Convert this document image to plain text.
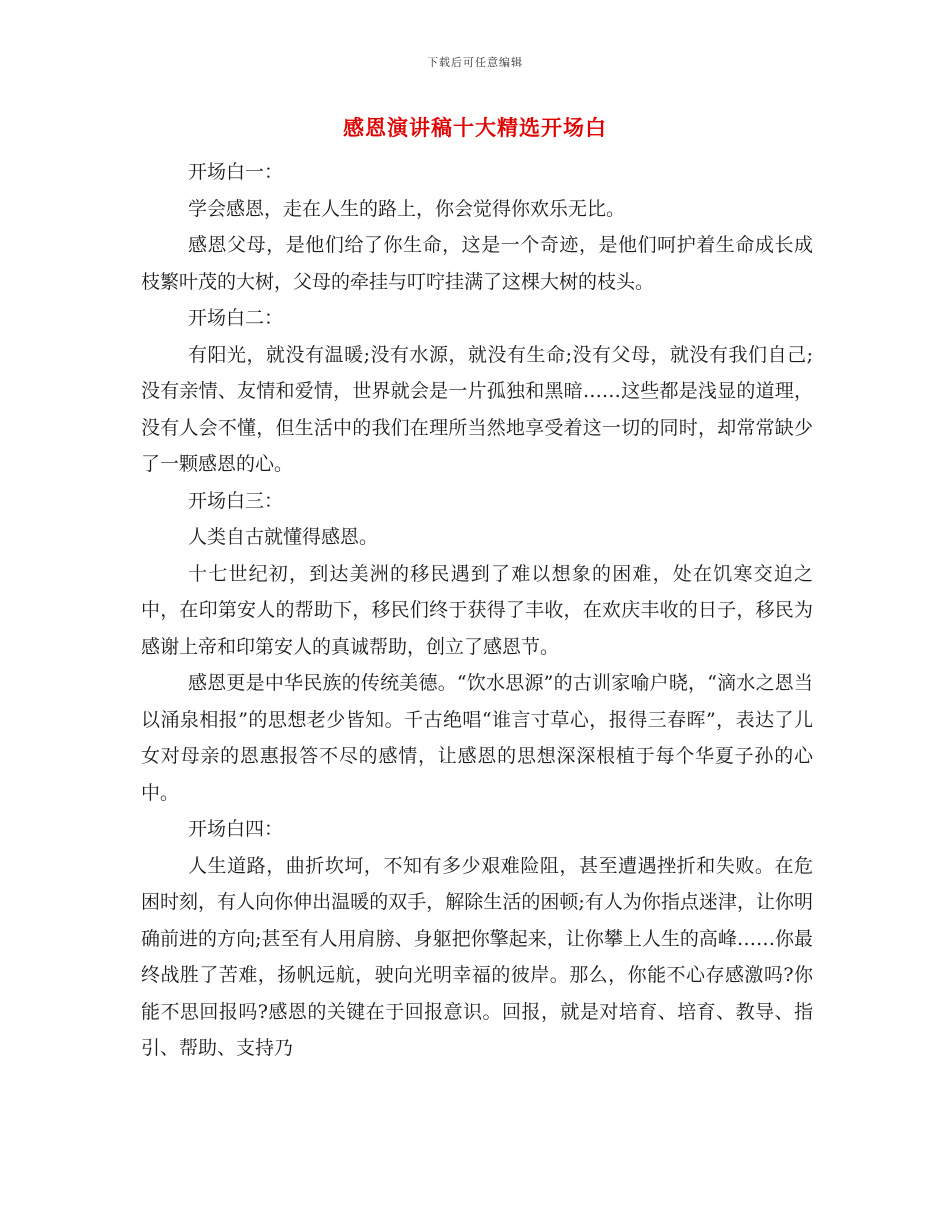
下载后可任意编辑
感恩演讲稿十大精选开场白

开场白一：

学会感恩，走在人生的路上，你会觉得你欢乐无比。

感恩父母，是他们给了你生命，这是一个奇迹，是他们呵护着生命成长成枝繁叶茂的大树，父母的牵挂与叮咛挂满了这棵大树的枝头。

开场白二：

有阳光，就没有温暖;没有水源，就没有生命;没有父母，就没有我们自己;没有亲情、友情和爱情，世界就会是一片孤独和黑暗……这些都是浅显的道理，没有人会不懂，但生活中的我们在理所当然地享受着这一切的同时，却常常缺少了一颗感恩的心。

开场白三：

人类自古就懂得感恩。

十七世纪初，到达美洲的移民遇到了难以想象的困难，处在饥寒交迫之中，在印第安人的帮助下，移民们终于获得了丰收，在欢庆丰收的日子，移民为感谢上帝和印第安人的真诚帮助，创立了感恩节。

感恩更是中华民族的传统美德。“饮水思源”的古训家喻户晓，“滴水之恩当以涌泉相报”的思想老少皆知。千古绝唱“谁言寸草心，报得三春晖”，表达了儿女对母亲的恩惠报答不尽的感情，让感恩的思想深深根植于每个华夏子孙的心中。

开场白四：

人生道路，曲折坎坷，不知有多少艰难险阻，甚至遭遇挫折和失败。在危困时刻，有人向你伸出温暖的双手，解除生活的困顿;有人为你指点迷津，让你明确前进的方向;甚至有人用肩膀、身躯把你擎起来，让你攀上人生的高峰……你最终战胜了苦难，扬帆远航，驶向光明幸福的彼岸。那么，你能不心存感激吗?你能不思回报吗?感恩的关键在于回报意识。回报，就是对培育、培育、教导、指引、帮助、支持乃
